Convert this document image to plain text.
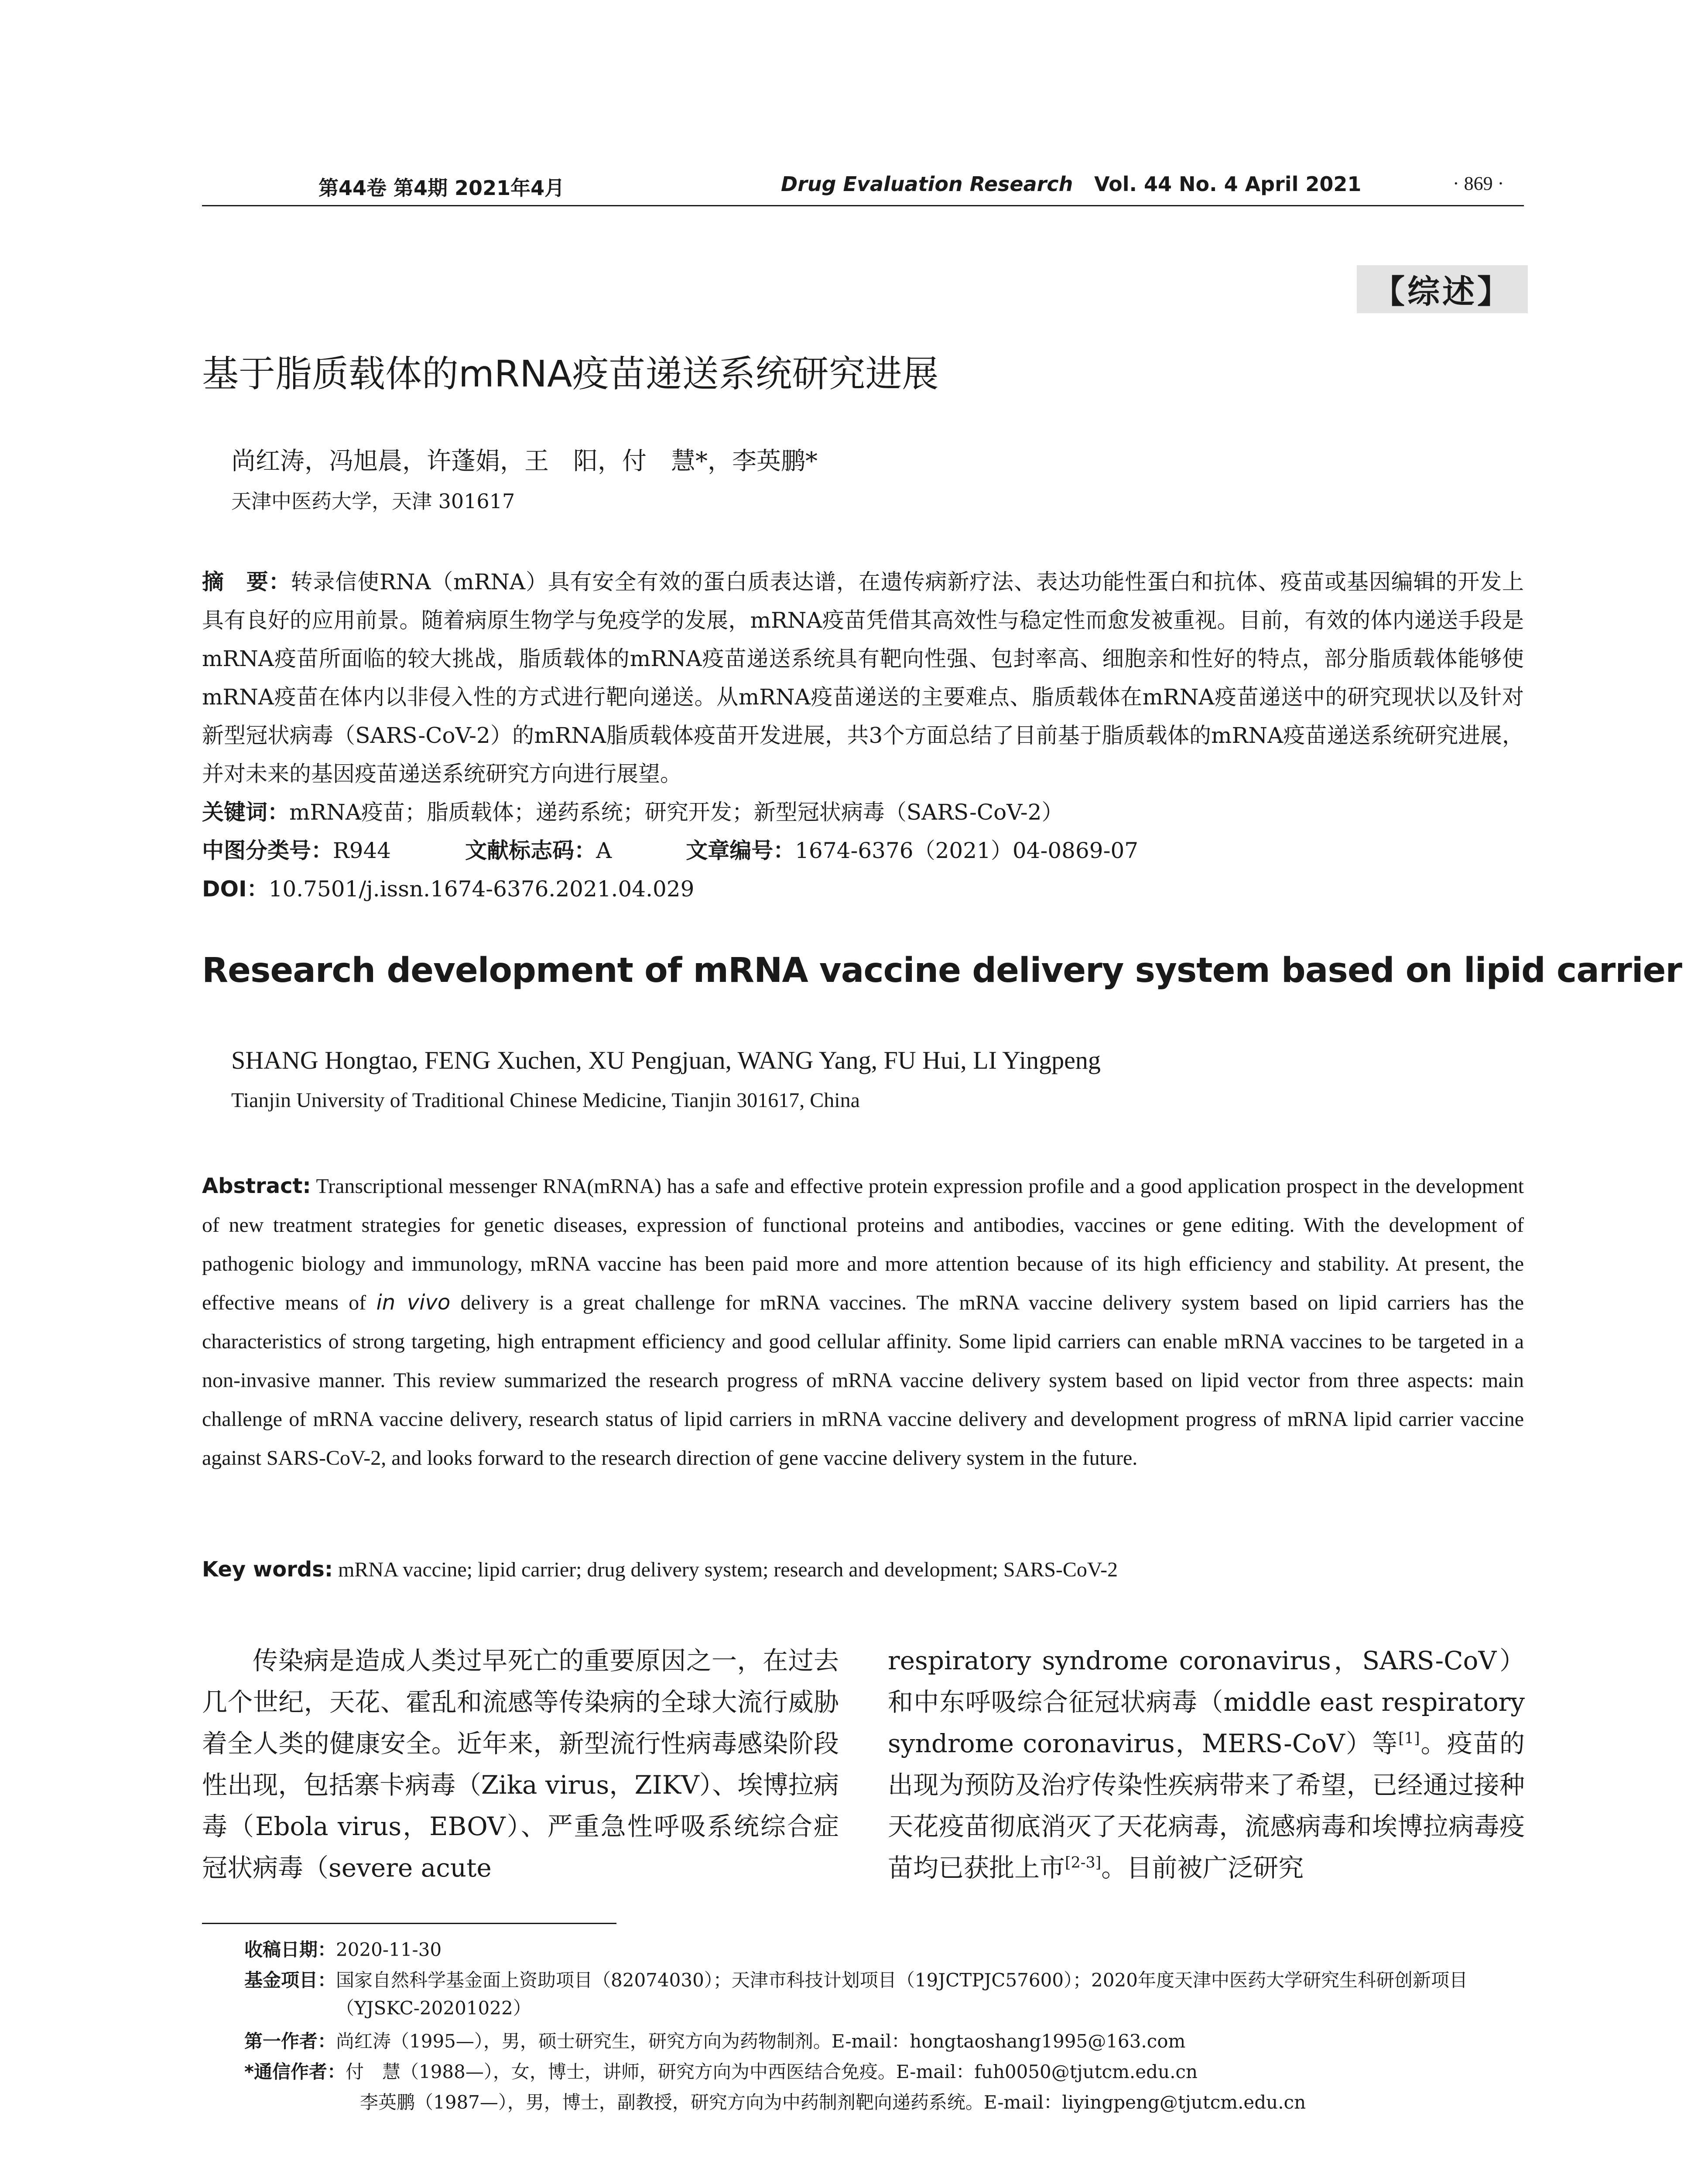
第44卷 第4期 2021年4月	Drug Evaluation Research Vol. 44 No. 4 April 2021	· 869 ·
【综述】
基于脂质载体的mRNA疫苗递送系统研究进展
尚红涛，冯旭晨，许蓬娟，王　阳，付　慧*，李英鹏*
天津中医药大学，天津 301617
摘　要：转录信使RNA（mRNA）具有安全有效的蛋白质表达谱，在遗传病新疗法、表达功能性蛋白和抗体、疫苗或基因编辑的开发上具有良好的应用前景。随着病原生物学与免疫学的发展，mRNA疫苗凭借其高效性与稳定性而愈发被重视。目前，有效的体内递送手段是mRNA疫苗所面临的较大挑战，脂质载体的mRNA疫苗递送系统具有靶向性强、包封率高、细胞亲和性好的特点，部分脂质载体能够使mRNA疫苗在体内以非侵入性的方式进行靶向递送。从mRNA疫苗递送的主要难点、脂质载体在mRNA疫苗递送中的研究现状以及针对新型冠状病毒（SARS-CoV-2）的mRNA脂质载体疫苗开发进展，共3个方面总结了目前基于脂质载体的mRNA疫苗递送系统研究进展，并对未来的基因疫苗递送系统研究方向进行展望。
关键词：mRNA疫苗；脂质载体；递药系统；研究开发；新型冠状病毒（SARS-CoV-2）
中图分类号：R944	文献标志码：A	文章编号：1674-6376（2021）04-0869-07
DOI：10.7501/j.issn.1674-6376.2021.04.029
Research development of mRNA vaccine delivery system based on lipid carrier
SHANG Hongtao, FENG Xuchen, XU Pengjuan, WANG Yang, FU Hui, LI Yingpeng
Tianjin University of Traditional Chinese Medicine, Tianjin 301617, China
Abstract: Transcriptional messenger RNA(mRNA) has a safe and effective protein expression profile and a good application prospect in the development of new treatment strategies for genetic diseases, expression of functional proteins and antibodies, vaccines or gene editing. With the development of pathogenic biology and immunology, mRNA vaccine has been paid more and more attention because of its high efficiency and stability. At present, the effective means of in vivo delivery is a great challenge for mRNA vaccines. The mRNA vaccine delivery system based on lipid carriers has the characteristics of strong targeting, high entrapment efficiency and good cellular affinity. Some lipid carriers can enable mRNA vaccines to be targeted in a non-invasive manner. This review summarized the research progress of mRNA vaccine delivery system based on lipid vector from three aspects: main challenge of mRNA vaccine delivery, research status of lipid carriers in mRNA vaccine delivery and development progress of mRNA lipid carrier vaccine against SARS-CoV-2, and looks forward to the research direction of gene vaccine delivery system in the future.
Key words: mRNA vaccine; lipid carrier; drug delivery system; research and development; SARS-CoV-2
传染病是造成人类过早死亡的重要原因之一，在过去几个世纪，天花、霍乱和流感等传染病的全球大流行威胁着全人类的健康安全。近年来，新型流行性病毒感染阶段性出现，包括寨卡病毒（Zika virus，ZIKV）、埃博拉病毒（Ebola virus，EBOV）、严重急性呼吸系统综合症冠状病毒（severe acute
respiratory syndrome coronavirus，SARS-CoV）和中东呼吸综合征冠状病毒（middle east respiratory syndrome coronavirus，MERS-CoV）等[1]。疫苗的出现为预防及治疗传染性疾病带来了希望，已经通过接种天花疫苗彻底消灭了天花病毒，流感病毒和埃博拉病毒疫苗均已获批上市[2-3]。目前被广泛研究
收稿日期：2020-11-30
基金项目： 国家自然科学基金面上资助项目（82074030）；天津市科技计划项目（19JCTPJC57600）；2020年度天津中医药大学研究生科研创新项目（YJSKC-20201022）
第一作者：尚红涛（1995—），男，硕士研究生，研究方向为药物制剂。E-mail：hongtaoshang1995@163.com
*通信作者：付　慧（1988—），女，博士，讲师，研究方向为中西医结合免疫。E-mail：fuh0050@tjutcm.edu.cn
李英鹏（1987—），男，博士，副教授，研究方向为中药制剂靶向递药系统。E-mail：liyingpeng@tjutcm.edu.cn
